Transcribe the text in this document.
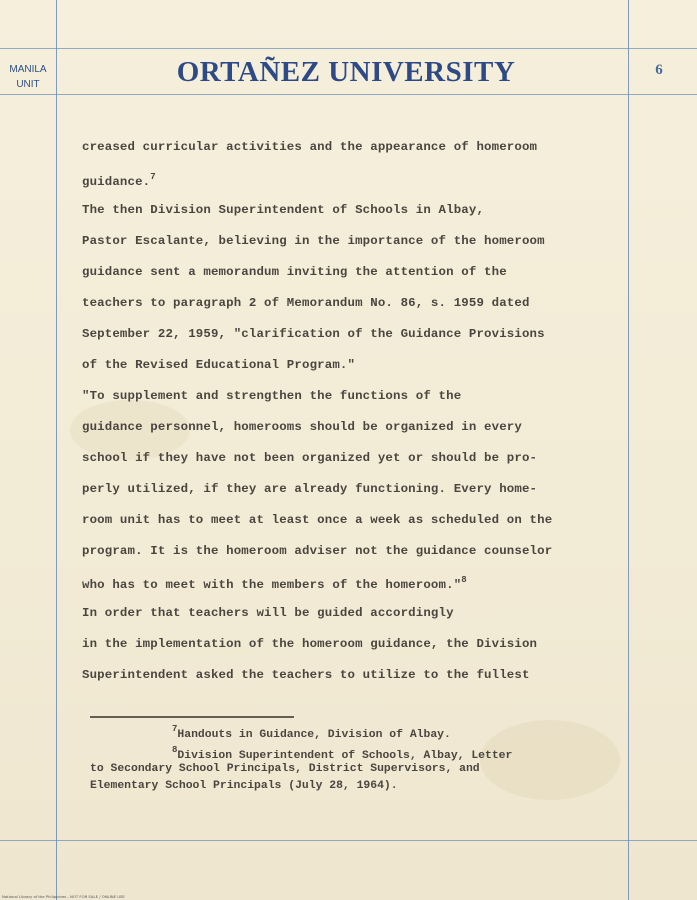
MANILA
UNIT	ORTAÑEZ UNIVERSITY	6
creased curricular activities and the appearance of homeroom
guidance.$^7$
The then Division Superintendent of Schools in Albay,
Pastor Escalante, believing in the importance of the homeroom
guidance sent a memorandum inviting the attention of the
teachers to paragraph 2 of Memorandum No. 86, s. 1959 dated
September 22, 1959, "clarification of the Guidance Provisions
of the Revised Educational Program."
"To supplement and strengthen the functions of the
guidance personnel, homerooms should be organized in every
school if they have not been organized yet or should be pro-
perly utilized, if they are already functioning. Every home-
room unit has to meet at least once a week as scheduled on the
program. It is the homeroom adviser not the guidance counselor
who has to meet with the members of the homeroom."$^8$
In order that teachers will be guided accordingly
in the implementation of the homeroom guidance, the Division
Superintendent asked the teachers to utilize to the fullest
$^7$Handouts in Guidance, Division of Albay.
$^8$Division Superintendent of Schools, Albay, Letter
to Secondary School Principals, District Supervisors, and
Elementary School Principals (July 28, 1964).
National Library of the Philippines - NOT FOR SALE / ONLINE USE
